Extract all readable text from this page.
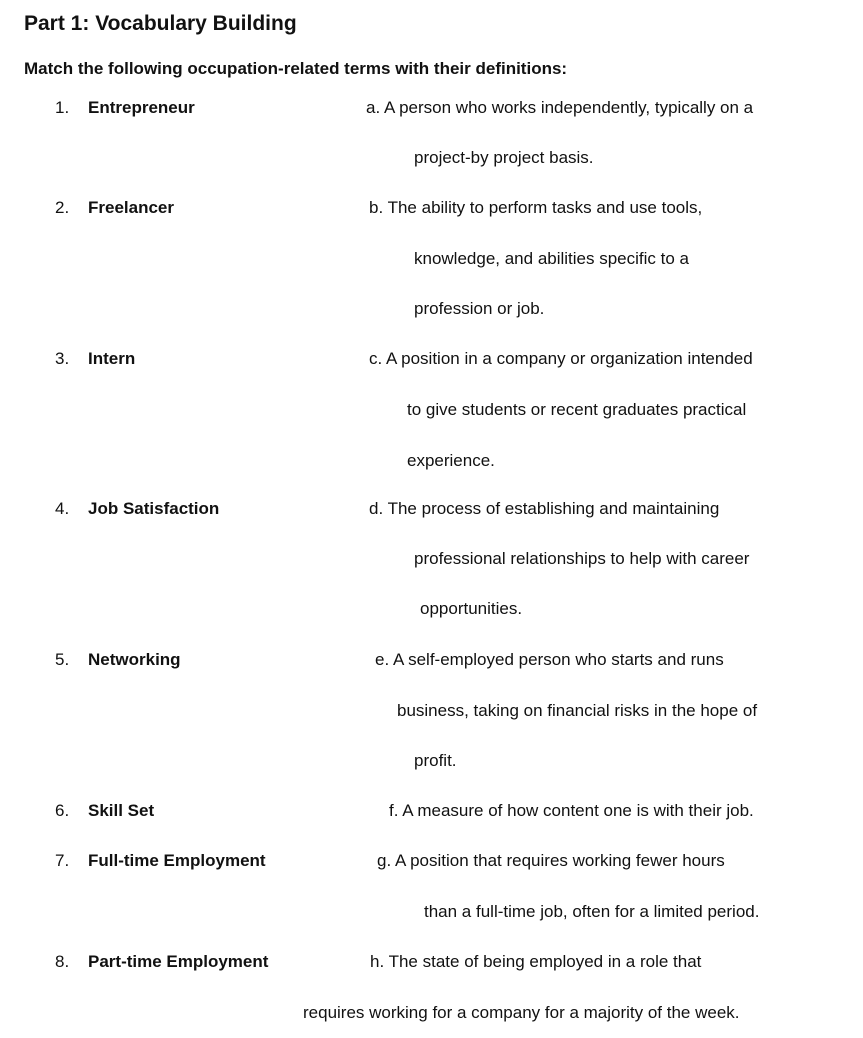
Part 1: Vocabulary Building
Match the following occupation-related terms with their definitions:
1. Entrepreneur
2. Freelancer
3. Intern
4. Job Satisfaction
5. Networking
6. Skill Set
7. Full-time Employment
8. Part-time Employment
a. A person who works independently, typically on a
project-by project basis.
b. The ability to perform tasks and use tools,
knowledge, and abilities specific to a
profession or job.
c. A position in a company or organization intended
to give students or recent graduates practical
experience.
d. The process of establishing and maintaining
professional relationships to help with career
opportunities.
e. A self-employed person who starts and runs
business, taking on financial risks in the hope of
profit.
f. A measure of how content one is with their job.
g. A position that requires working fewer hours
than a full-time job, often for a limited period.
h. The state of being employed in a role that
requires working for a company for a majority of the week.
